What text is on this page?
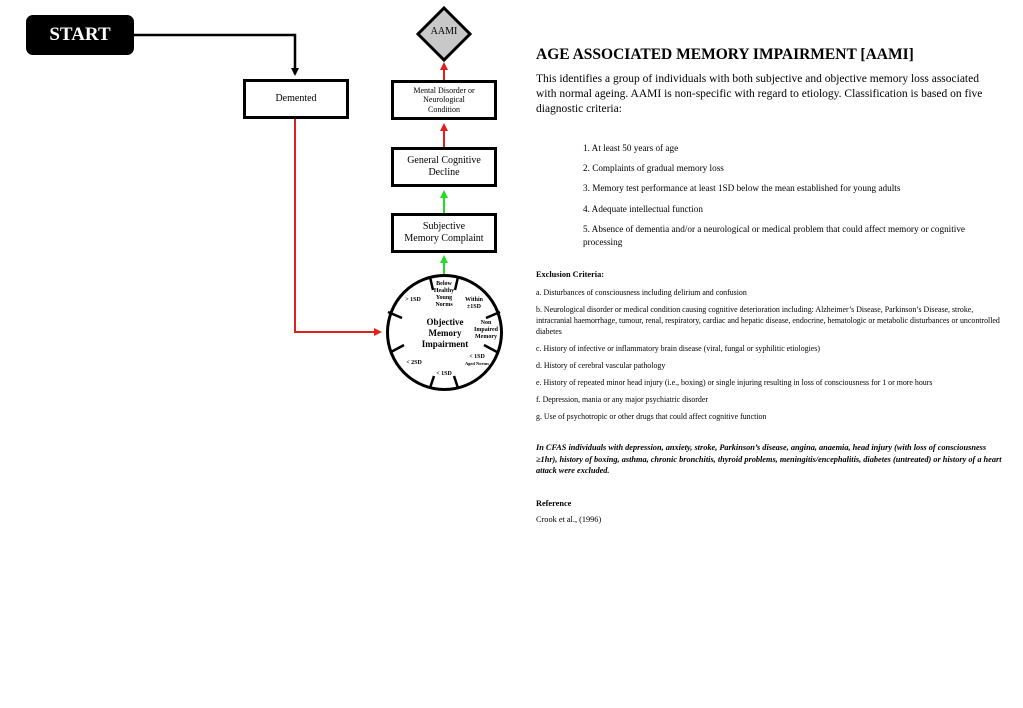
START
Demented
AAMI
Mental Disorder or
Neurological
Condition
General Cognitive
Decline
Subjective
Memory Complaint
Objective
Memory
Impairment
Below
Healthy
Young
Norms
Within
±1SD
Non
Impaired
Memory
< 1SD
Aged Norms
< 1SD
< 2SD
> 1SD
AGE ASSOCIATED MEMORY IMPAIRMENT [AAMI]

This identifies a group of individuals with both subjective and objective memory loss associated with normal ageing. AAMI is non-specific with regard to etiology. Classification is based on five diagnostic criteria:

1. At least 50 years of age
2. Complaints of gradual memory loss
3. Memory test performance at least 1SD below the mean established for young adults
4. Adequate intellectual function
5. Absence of dementia and/or a neurological or medical problem that could affect memory or cognitive processing
Exclusion Criteria:
a. Disturbances of consciousness including delirium and confusion
b. Neurological disorder or medical condition causing cognitive deterioration including: Alzheimer’s Disease, Parkinson’s Disease, stroke, intracranial haemorrhage, tumour, renal, respiratory, cardiac and hepatic disease, endocrine, hematologic or metabolic disturbances or uncontrolled diabetes
c. History of infective or inflammatory brain disease (viral, fungal or syphilitic etiologies)
d. History of cerebral vascular pathology
e. History of repeated minor head injury (i.e., boxing) or single injuring resulting in loss of consciousness for 1 or more hours
f. Depression, mania or any major psychiatric disorder
g. Use of psychotropic or other drugs that could affect cognitive function
In CFAS individuals with depression, anxiety, stroke, Parkinson’s disease, angina, anaemia, head injury (with loss of consciousness ≥1hr), history of boxing, asthma, chronic bronchitis, thyroid problems, meningitis/encephalitis, diabetes (untreated) or history of a heart attack were excluded.
Reference
Crook et al., (1996)
